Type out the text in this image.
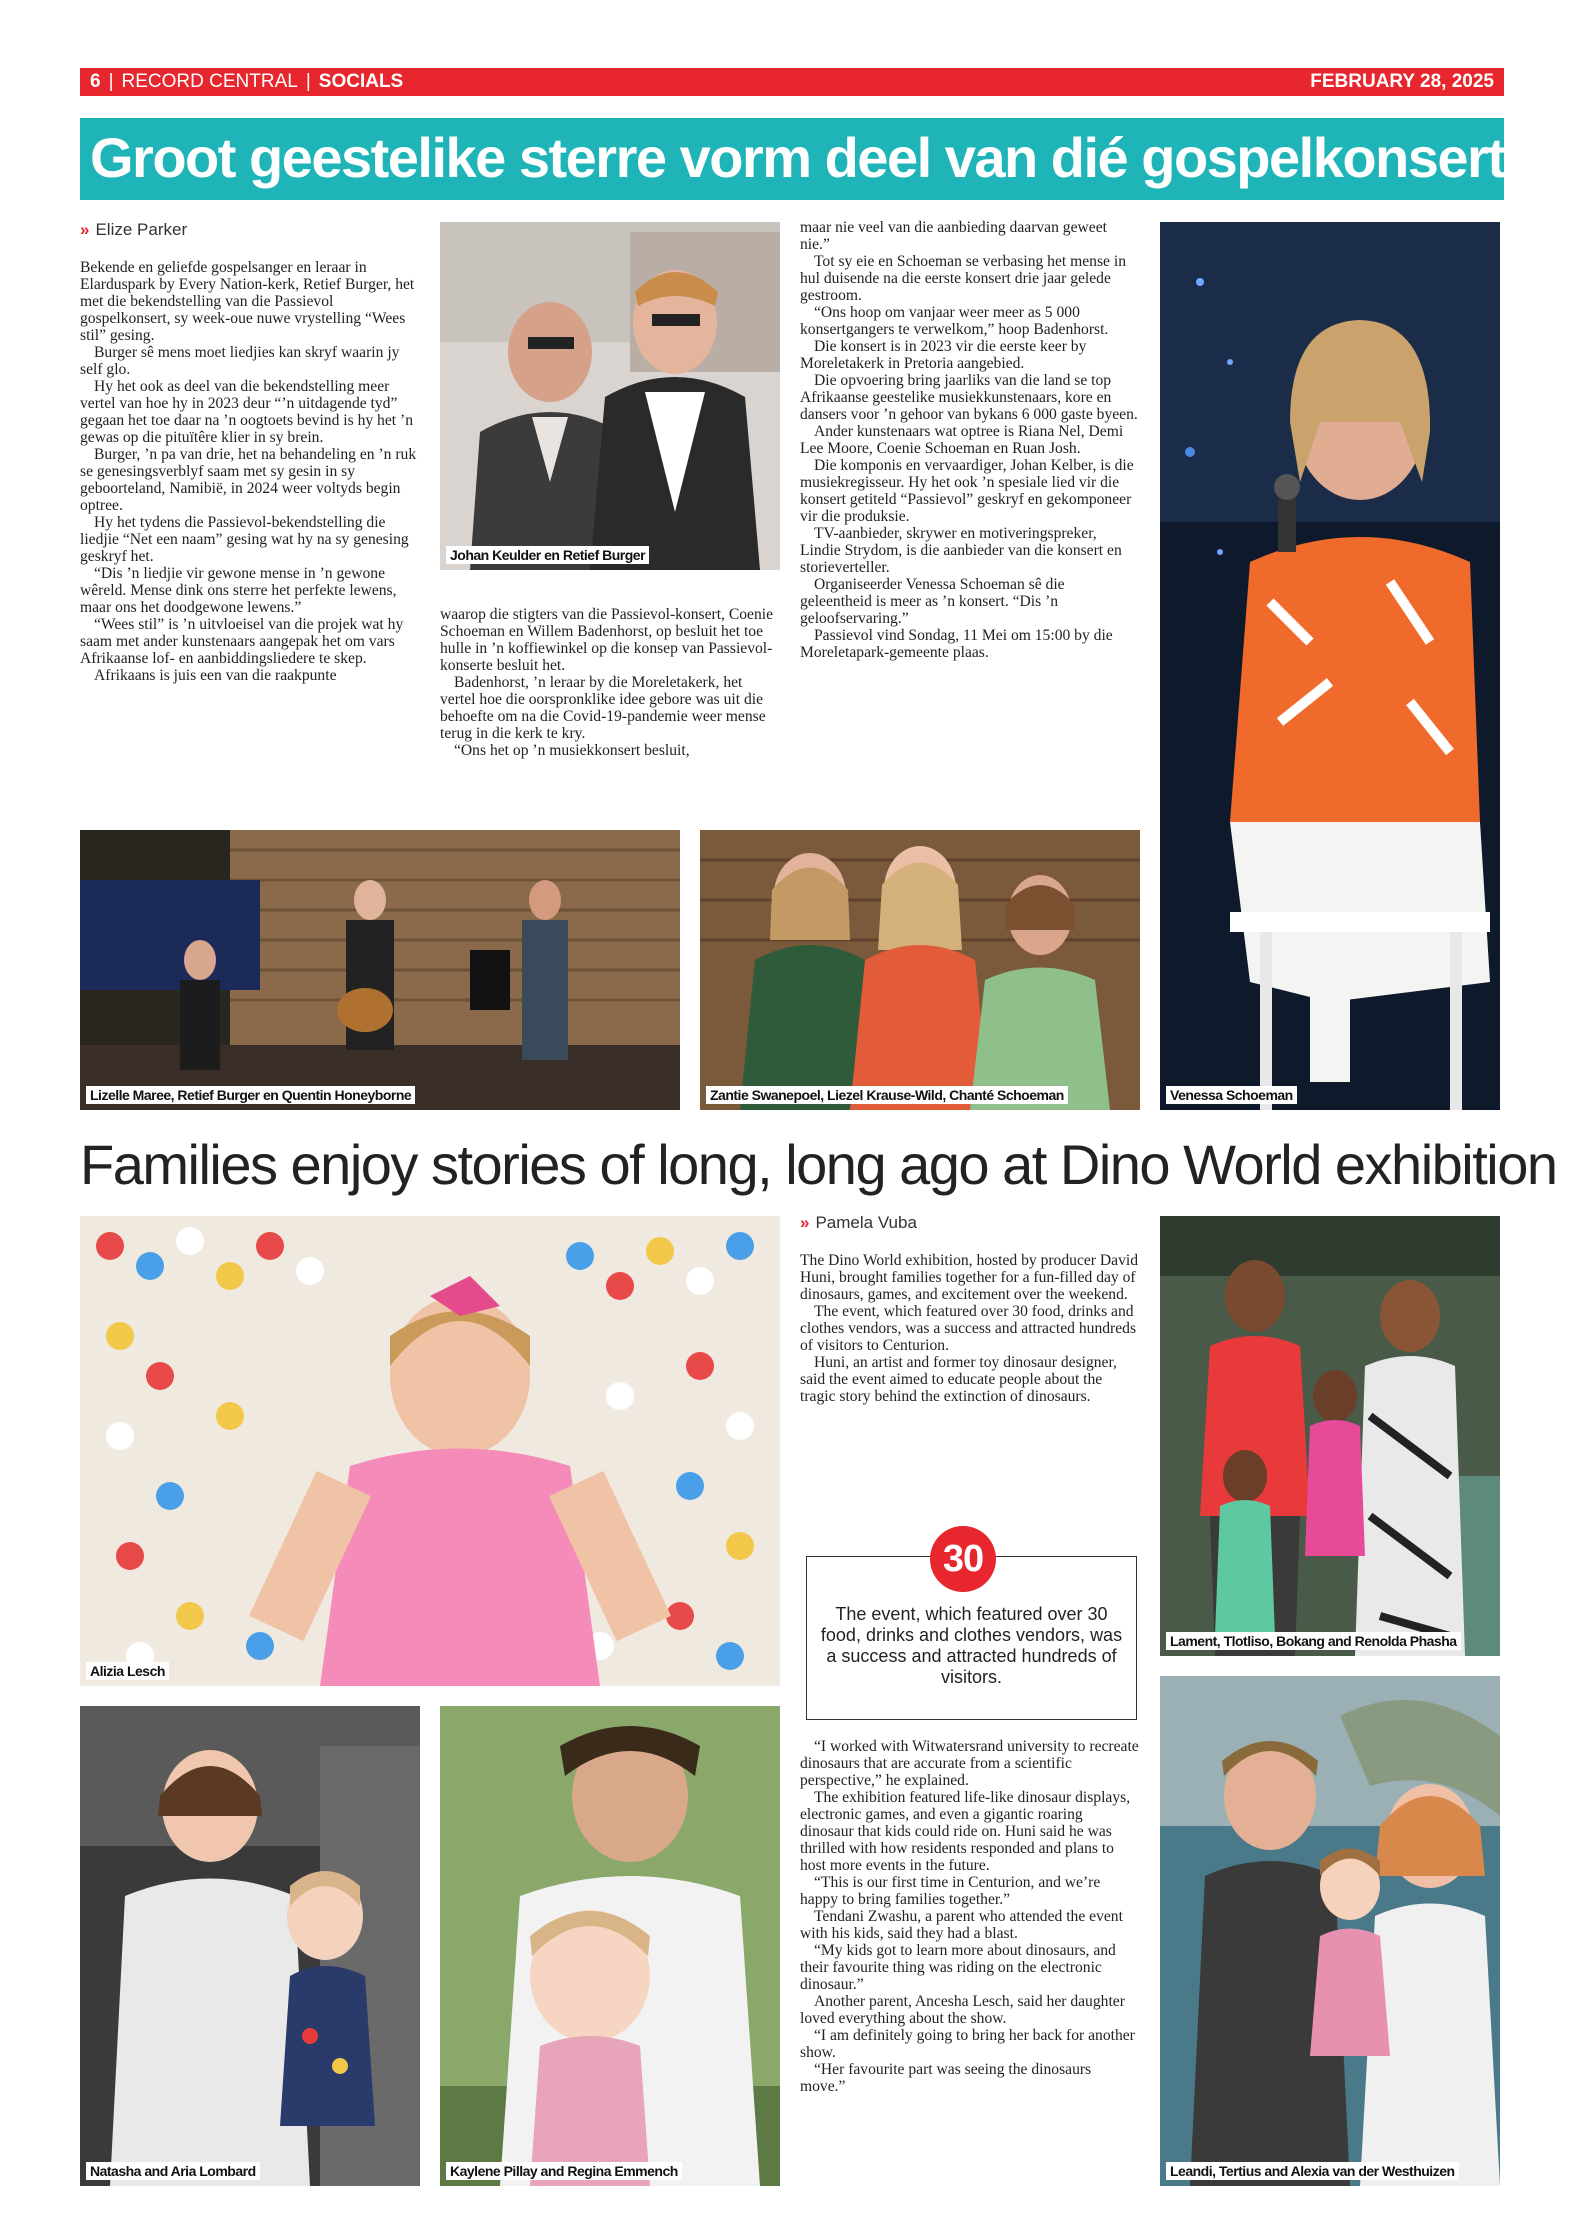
6 | RECORD CENTRAL | SOCIALS	FEBRUARY 28, 2025
Groot geestelike sterre vorm deel van dié gospelkonsert
» Elize Parker

Bekende en geliefde gospelsanger en leraar in Elarduspark by Every Nation-kerk, Retief Burger, het met die bekendstelling van die Passievol gospelkonsert, sy week-oue nuwe vrystelling “Wees stil” gesing.

Burger sê mens moet liedjies kan skryf waarin jy self glo.

Hy het ook as deel van die bekendstelling meer vertel van hoe hy in 2023 deur “’n uitdagende tyd” gegaan het toe daar na ’n oogtoets bevind is hy het ’n gewas op die pituïtêre klier in sy brein.

Burger, ’n pa van drie, het na behandeling en ’n ruk se genesingsverblyf saam met sy gesin in sy geboorteland, Namibië, in 2024 weer voltyds begin optree.

Hy het tydens die Passievol-bekendstelling die liedjie “Net een naam” gesing wat hy na sy genesing geskryf het.

“Dis ’n liedjie vir gewone mense in ’n gewone wêreld. Mense dink ons sterre het perfekte lewens, maar ons het doodgewone lewens.”

“Wees stil” is ’n uitvloeisel van die projek wat hy saam met ander kunstenaars aangepak het om vars Afrikaanse lof- en aanbiddingsliedere te skep.

Afrikaans is juis een van die raakpunte

Johan Keulder en Retief Burger

waarop die stigters van die Passievol-konsert, Coenie Schoeman en Willem Badenhorst, op besluit het toe hulle in ’n koffiewinkel op die konsep van Passievol-konserte besluit het.

Badenhorst, ’n leraar by die Moreletakerk, het vertel hoe die oorspronklike idee gebore was uit die behoefte om na die Covid-19-pandemie weer mense terug in die kerk te kry.

“Ons het op ’n musiekkonsert besluit,

maar nie veel van die aanbieding daarvan geweet nie.”

Tot sy eie en Schoeman se verbasing het mense in hul duisende na die eerste konsert drie jaar gelede gestroom.

“Ons hoop om vanjaar weer meer as 5 000 konsertgangers te verwelkom,” hoop Badenhorst.

Die konsert is in 2023 vir die eerste keer by Moreletakerk in Pretoria aangebied.

Die opvoering bring jaarliks van die land se top Afrikaanse geestelike musiekkunstenaars, kore en dansers voor ’n gehoor van bykans 6 000 gaste byeen.

Ander kunstenaars wat optree is Riana Nel, Demi Lee Moore, Coenie Schoeman en Ruan Josh.

Die komponis en vervaardiger, Johan Kelber, is die musiekregisseur. Hy het ook ’n spesiale lied vir die konsert getiteld “Passievol” geskryf en gekomponeer vir die produksie.

TV-aanbieder, skrywer en motiveringspreker, Lindie Strydom, is die aanbieder van die konsert en storieverteller.

Organiseerder Venessa Schoeman sê die geleentheid is meer as ’n konsert. “Dis ’n geloofservaring.”

Passievol vind Sondag, 11 Mei om 15:00 by die Moreletapark-gemeente plaas.

Venessa Schoeman
Lizelle Maree, Retief Burger en Quentin Honeyborne	Zantie Swanepoel, Liezel Krause-Wild, Chanté Schoeman
Families enjoy stories of long, long ago at Dino World exhibition
Alizia Lesch
» Pamela Vuba

The Dino World exhibition, hosted by producer David Huni, brought families together for a fun-filled day of dinosaurs, games, and excitement over the weekend.

The event, which featured over 30 food, drinks and clothes vendors, was a success and attracted hundreds of visitors to Centurion.

Huni, an artist and former toy dinosaur designer, said the event aimed to educate people about the tragic story behind the extinction of dinosaurs.

30
The event, which featured over 30 food, drinks and clothes vendors, was a success and attracted hundreds of visitors.

“I worked with Witwatersrand university to recreate dinosaurs that are accurate from a scientific perspective,” he explained.

The exhibition featured life-like dinosaur displays, electronic games, and even a gigantic roaring dinosaur that kids could ride on. Huni said he was thrilled with how residents responded and plans to host more events in the future.

“This is our first time in Centurion, and we’re happy to bring families together.”

Tendani Zwashu, a parent who attended the event with his kids, said they had a blast.

“My kids got to learn more about dinosaurs, and their favourite thing was riding on the electronic dinosaur.”

Another parent, Ancesha Lesch, said her daughter loved everything about the show.

“I am definitely going to bring her back for another show.

“Her favourite part was seeing the dinosaurs move.”

Lament, Tlotliso, Bokang and Renolda Phasha
Natasha and Aria Lombard	Kaylene Pillay and Regina Emmench	Leandi, Tertius and Alexia van der Westhuizen
